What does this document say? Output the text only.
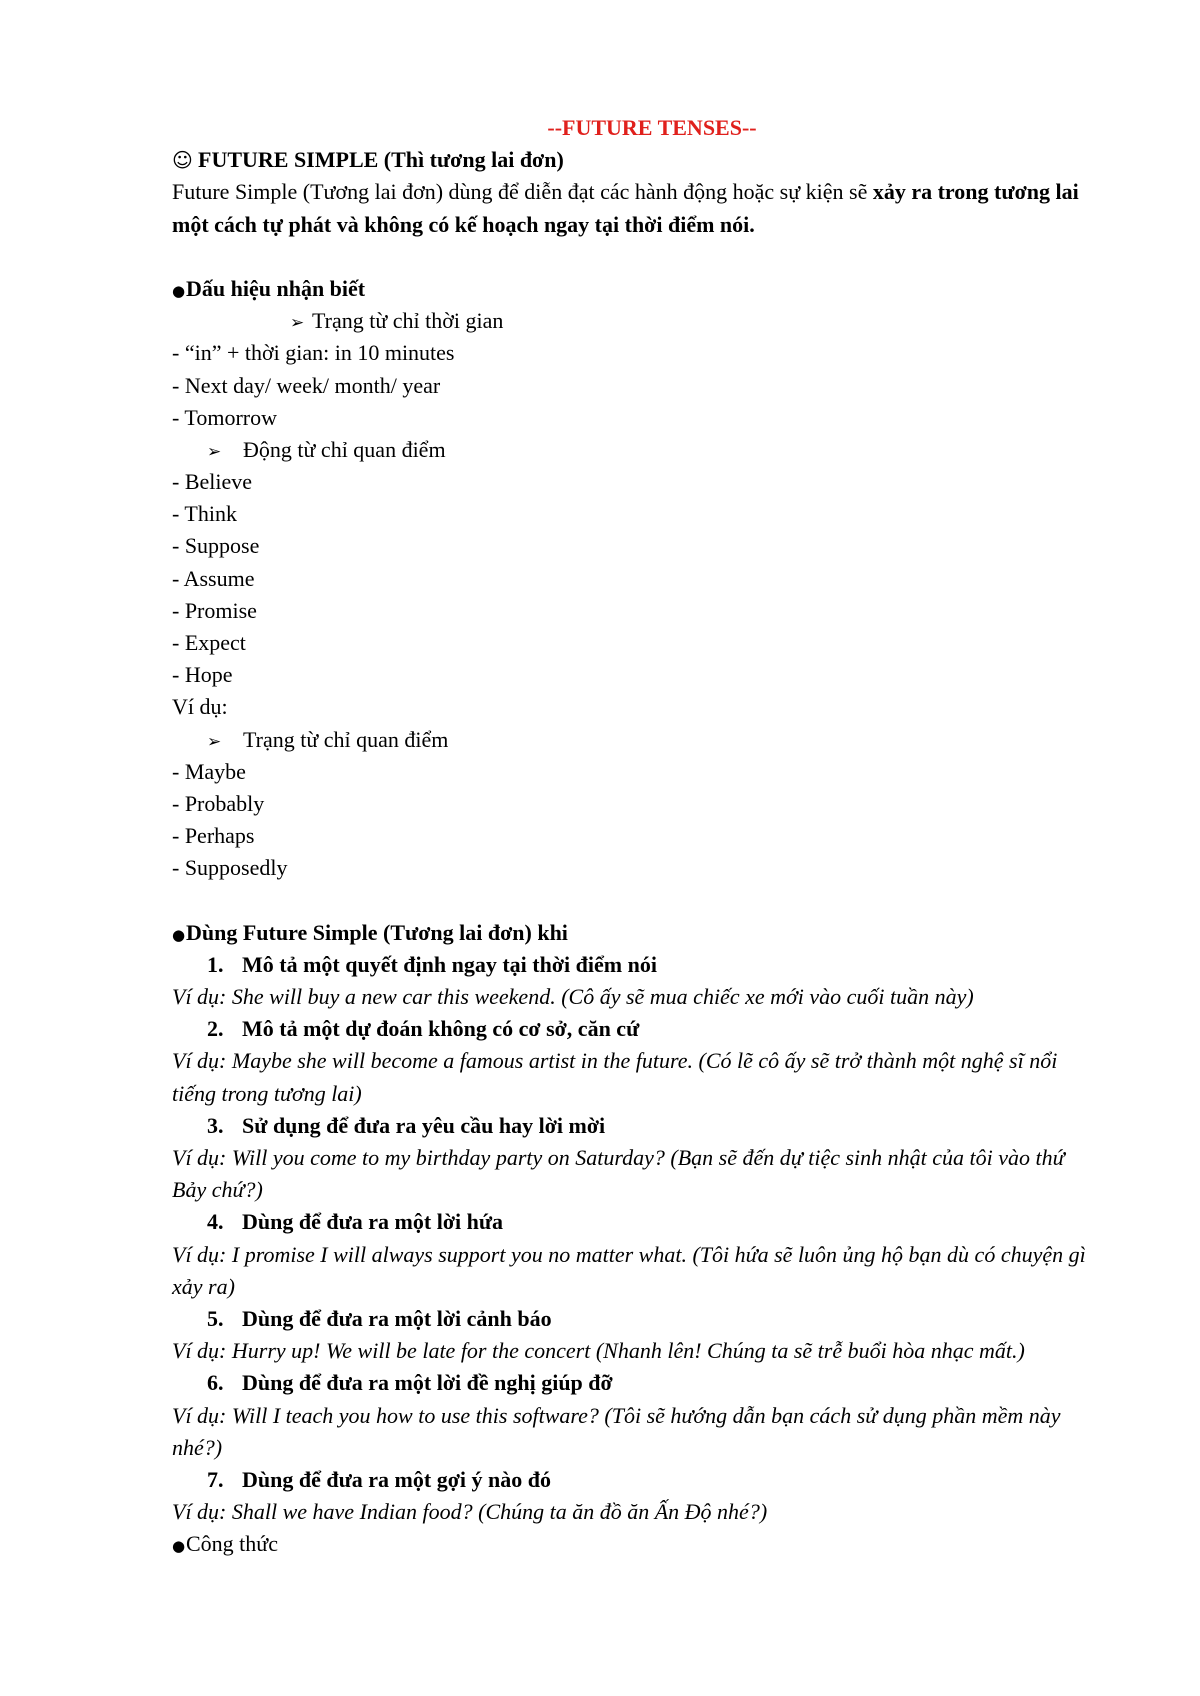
--FUTURE TENSES--
☺ FUTURE SIMPLE (Thì tương lai đơn)
Future Simple (Tương lai đơn) dùng để diễn đạt các hành động hoặc sự kiện sẽ xảy ra trong tương lai một cách tự phát và không có kế hoạch ngay tại thời điểm nói.
●Dấu hiệu nhận biết
➢ Trạng từ chỉ thời gian
- “in” + thời gian: in 10 minutes
- Next day/ week/ month/ year
- Tomorrow
➢ Động từ chỉ quan điểm
- Believe
- Think
- Suppose
- Assume
- Promise
- Expect
- Hope
Ví dụ:
➢ Trạng từ chỉ quan điểm
- Maybe
- Probably
- Perhaps
- Supposedly
●Dùng Future Simple (Tương lai đơn) khi
1. Mô tả một quyết định ngay tại thời điểm nói
Ví dụ: She will buy a new car this weekend. (Cô ấy sẽ mua chiếc xe mới vào cuối tuần này)
2. Mô tả một dự đoán không có cơ sở, căn cứ
Ví dụ: Maybe she will become a famous artist in the future. (Có lẽ cô ấy sẽ trở thành một nghệ sĩ nổi tiếng trong tương lai)
3. Sử dụng để đưa ra yêu cầu hay lời mời
Ví dụ: Will you come to my birthday party on Saturday? (Bạn sẽ đến dự tiệc sinh nhật của tôi vào thứ Bảy chứ?)
4. Dùng để đưa ra một lời hứa
Ví dụ: I promise I will always support you no matter what. (Tôi hứa sẽ luôn ủng hộ bạn dù có chuyện gì xảy ra)
5. Dùng để đưa ra một lời cảnh báo
Ví dụ: Hurry up! We will be late for the concert (Nhanh lên! Chúng ta sẽ trễ buổi hòa nhạc mất.)
6. Dùng để đưa ra một lời đề nghị giúp đỡ
Ví dụ: Will I teach you how to use this software? (Tôi sẽ hướng dẫn bạn cách sử dụng phần mềm này nhé?)
7. Dùng để đưa ra một gợi ý nào đó
Ví dụ: Shall we have Indian food? (Chúng ta ăn đồ ăn Ấn Độ nhé?)
●Công thức
